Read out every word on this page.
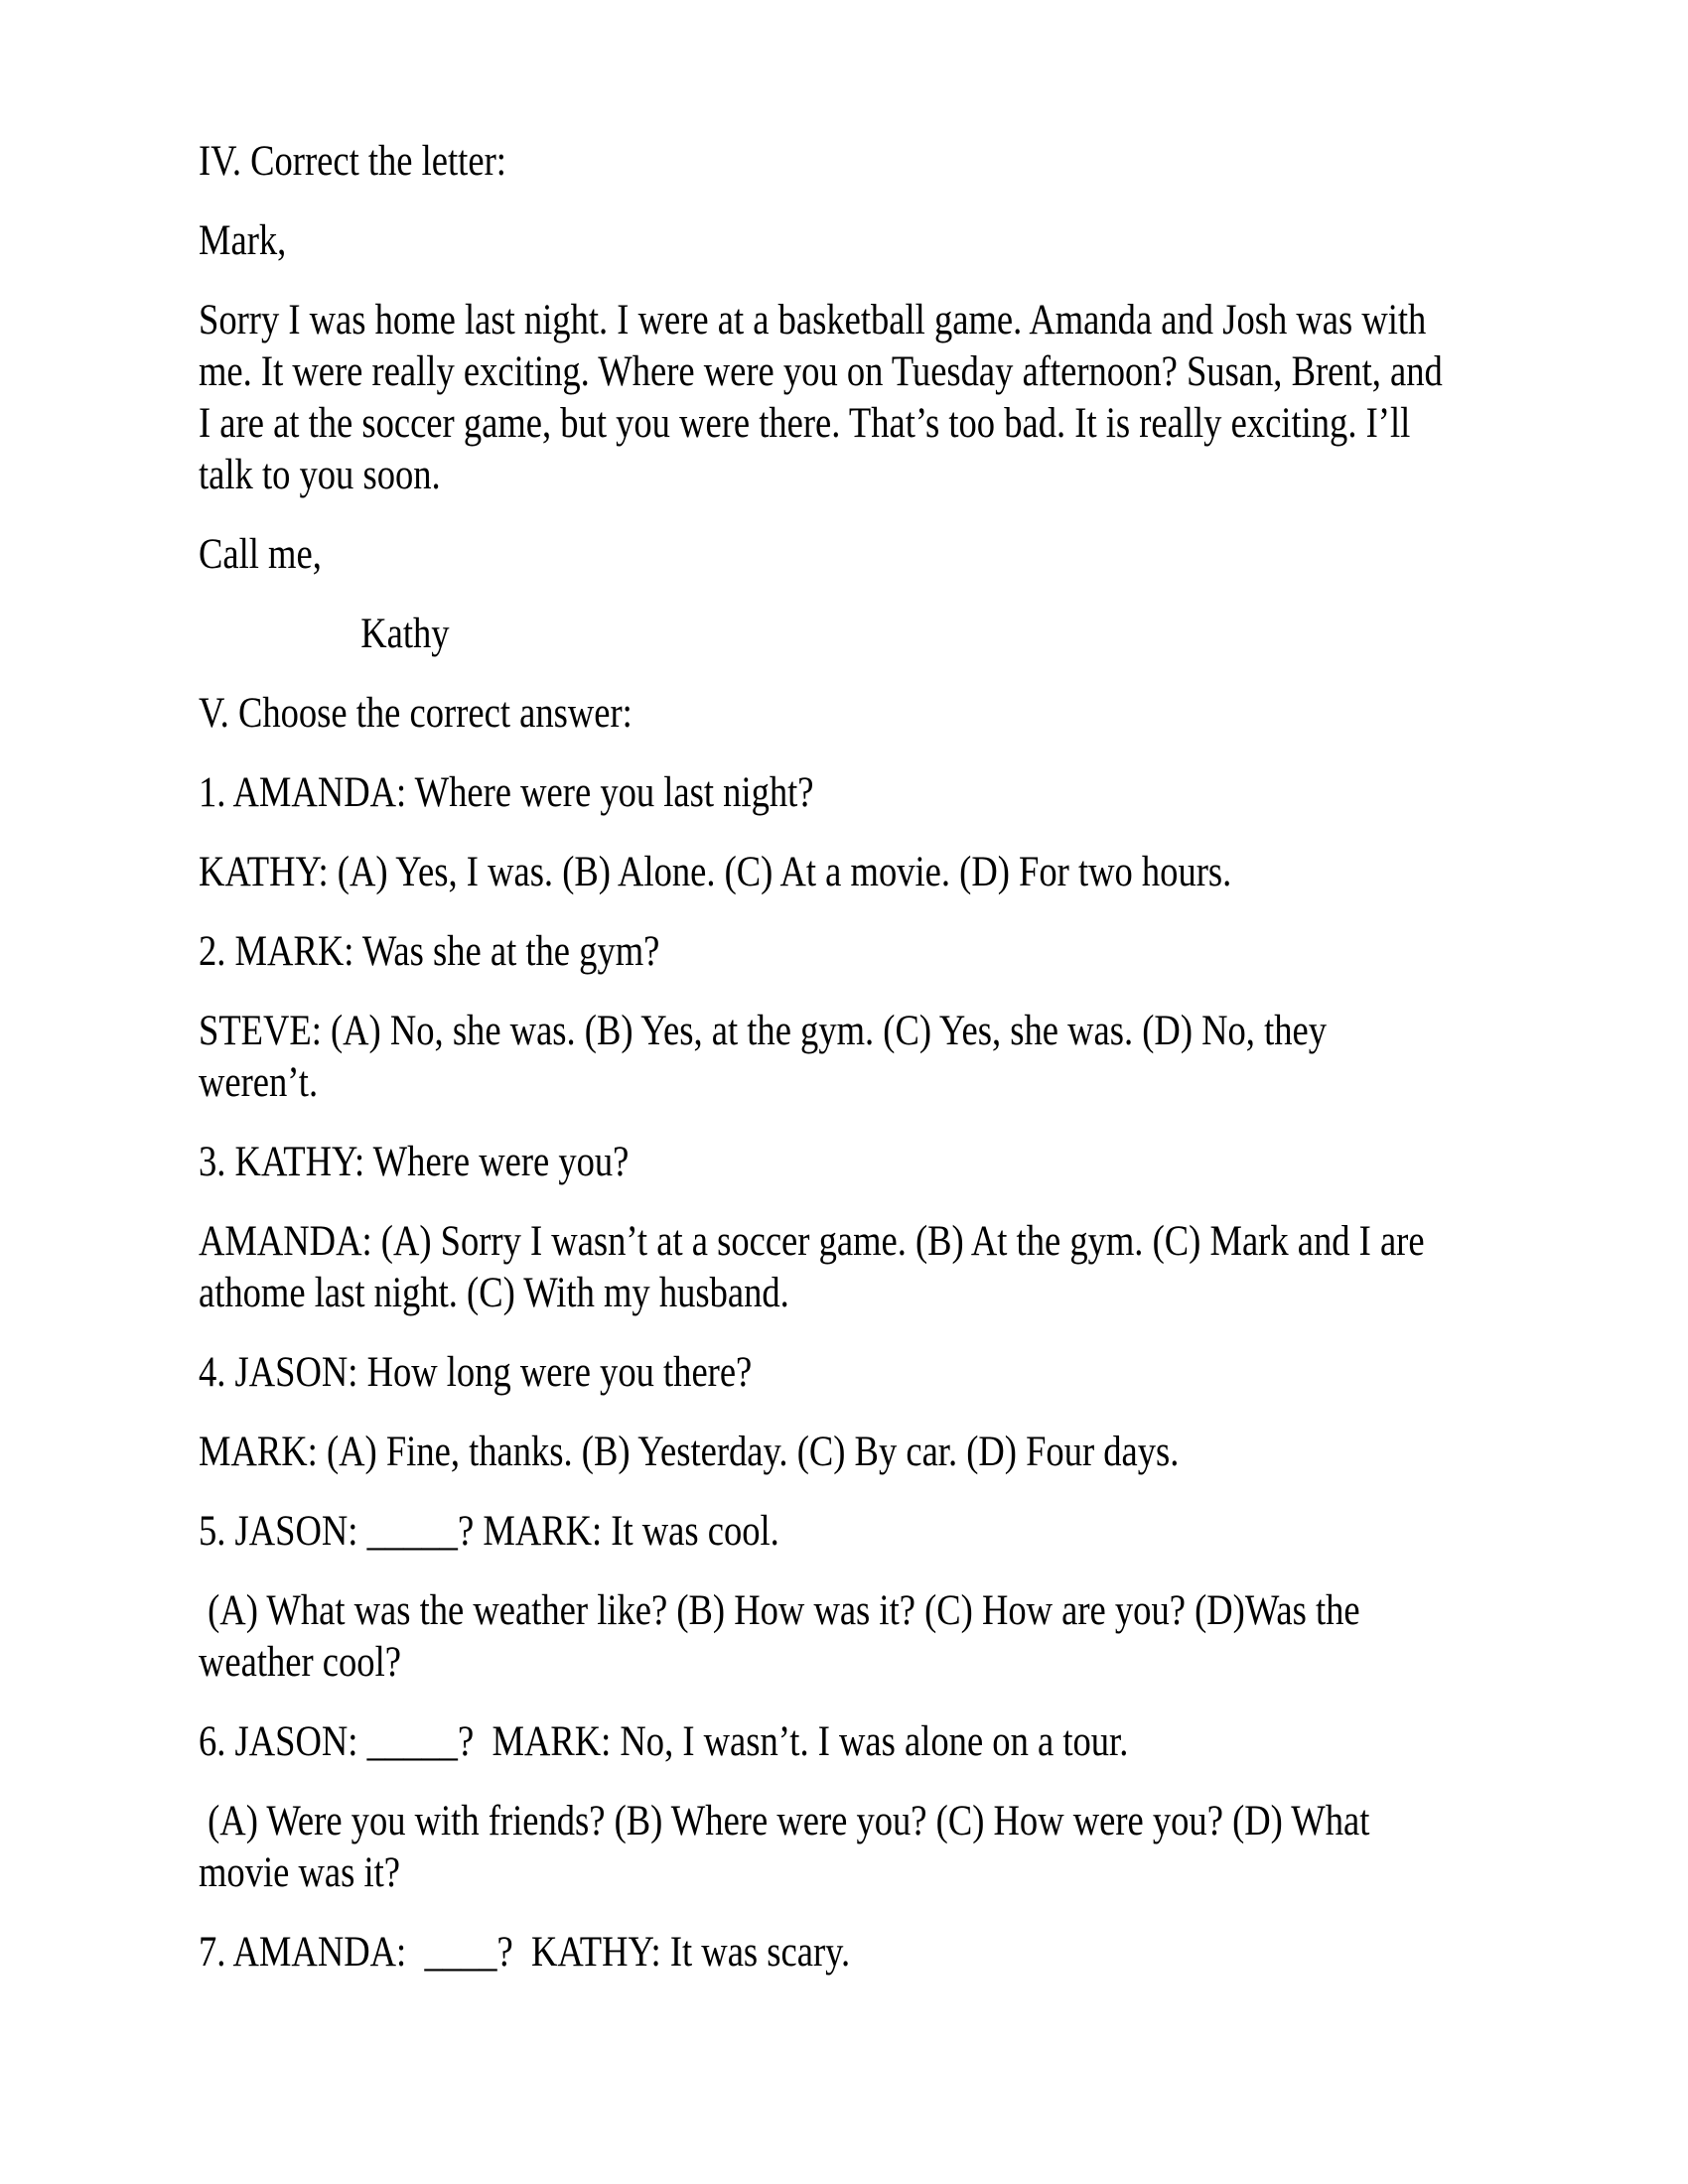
IV. Correct the letter:
Mark,
Sorry I was home last night. I were at a basketball game. Amanda and Josh was with
me. It were really exciting. Where were you on Tuesday afternoon? Susan, Brent, and
I are at the soccer game, but you were there. That’s too bad. It is really exciting. I’ll
talk to you soon.
Call me,
Kathy
V. Choose the correct answer:
1. AMANDA: Where were you last night?
KATHY: (A) Yes, I was. (B) Alone. (C) At a movie. (D) For two hours.
2. MARK: Was she at the gym?
STEVE: (A) No, she was. (B) Yes, at the gym. (C) Yes, she was. (D) No, they
weren’t.
3. KATHY: Where were you?
AMANDA: (A) Sorry I wasn’t at a soccer game. (B) At the gym. (C) Mark and I are
athome last night. (C) With my husband.
4. JASON: How long were you there?
MARK: (A) Fine, thanks. (B) Yesterday. (C) By car. (D) Four days.
5. JASON: _____? MARK: It was cool.
(A) What was the weather like? (B) How was it? (C) How are you? (D)Was the
weather cool?
6. JASON: _____?  MARK: No, I wasn’t. I was alone on a tour.
(A) Were you with friends? (B) Where were you? (C) How were you? (D) What
movie was it?
7. AMANDA:  ____?  KATHY: It was scary.
